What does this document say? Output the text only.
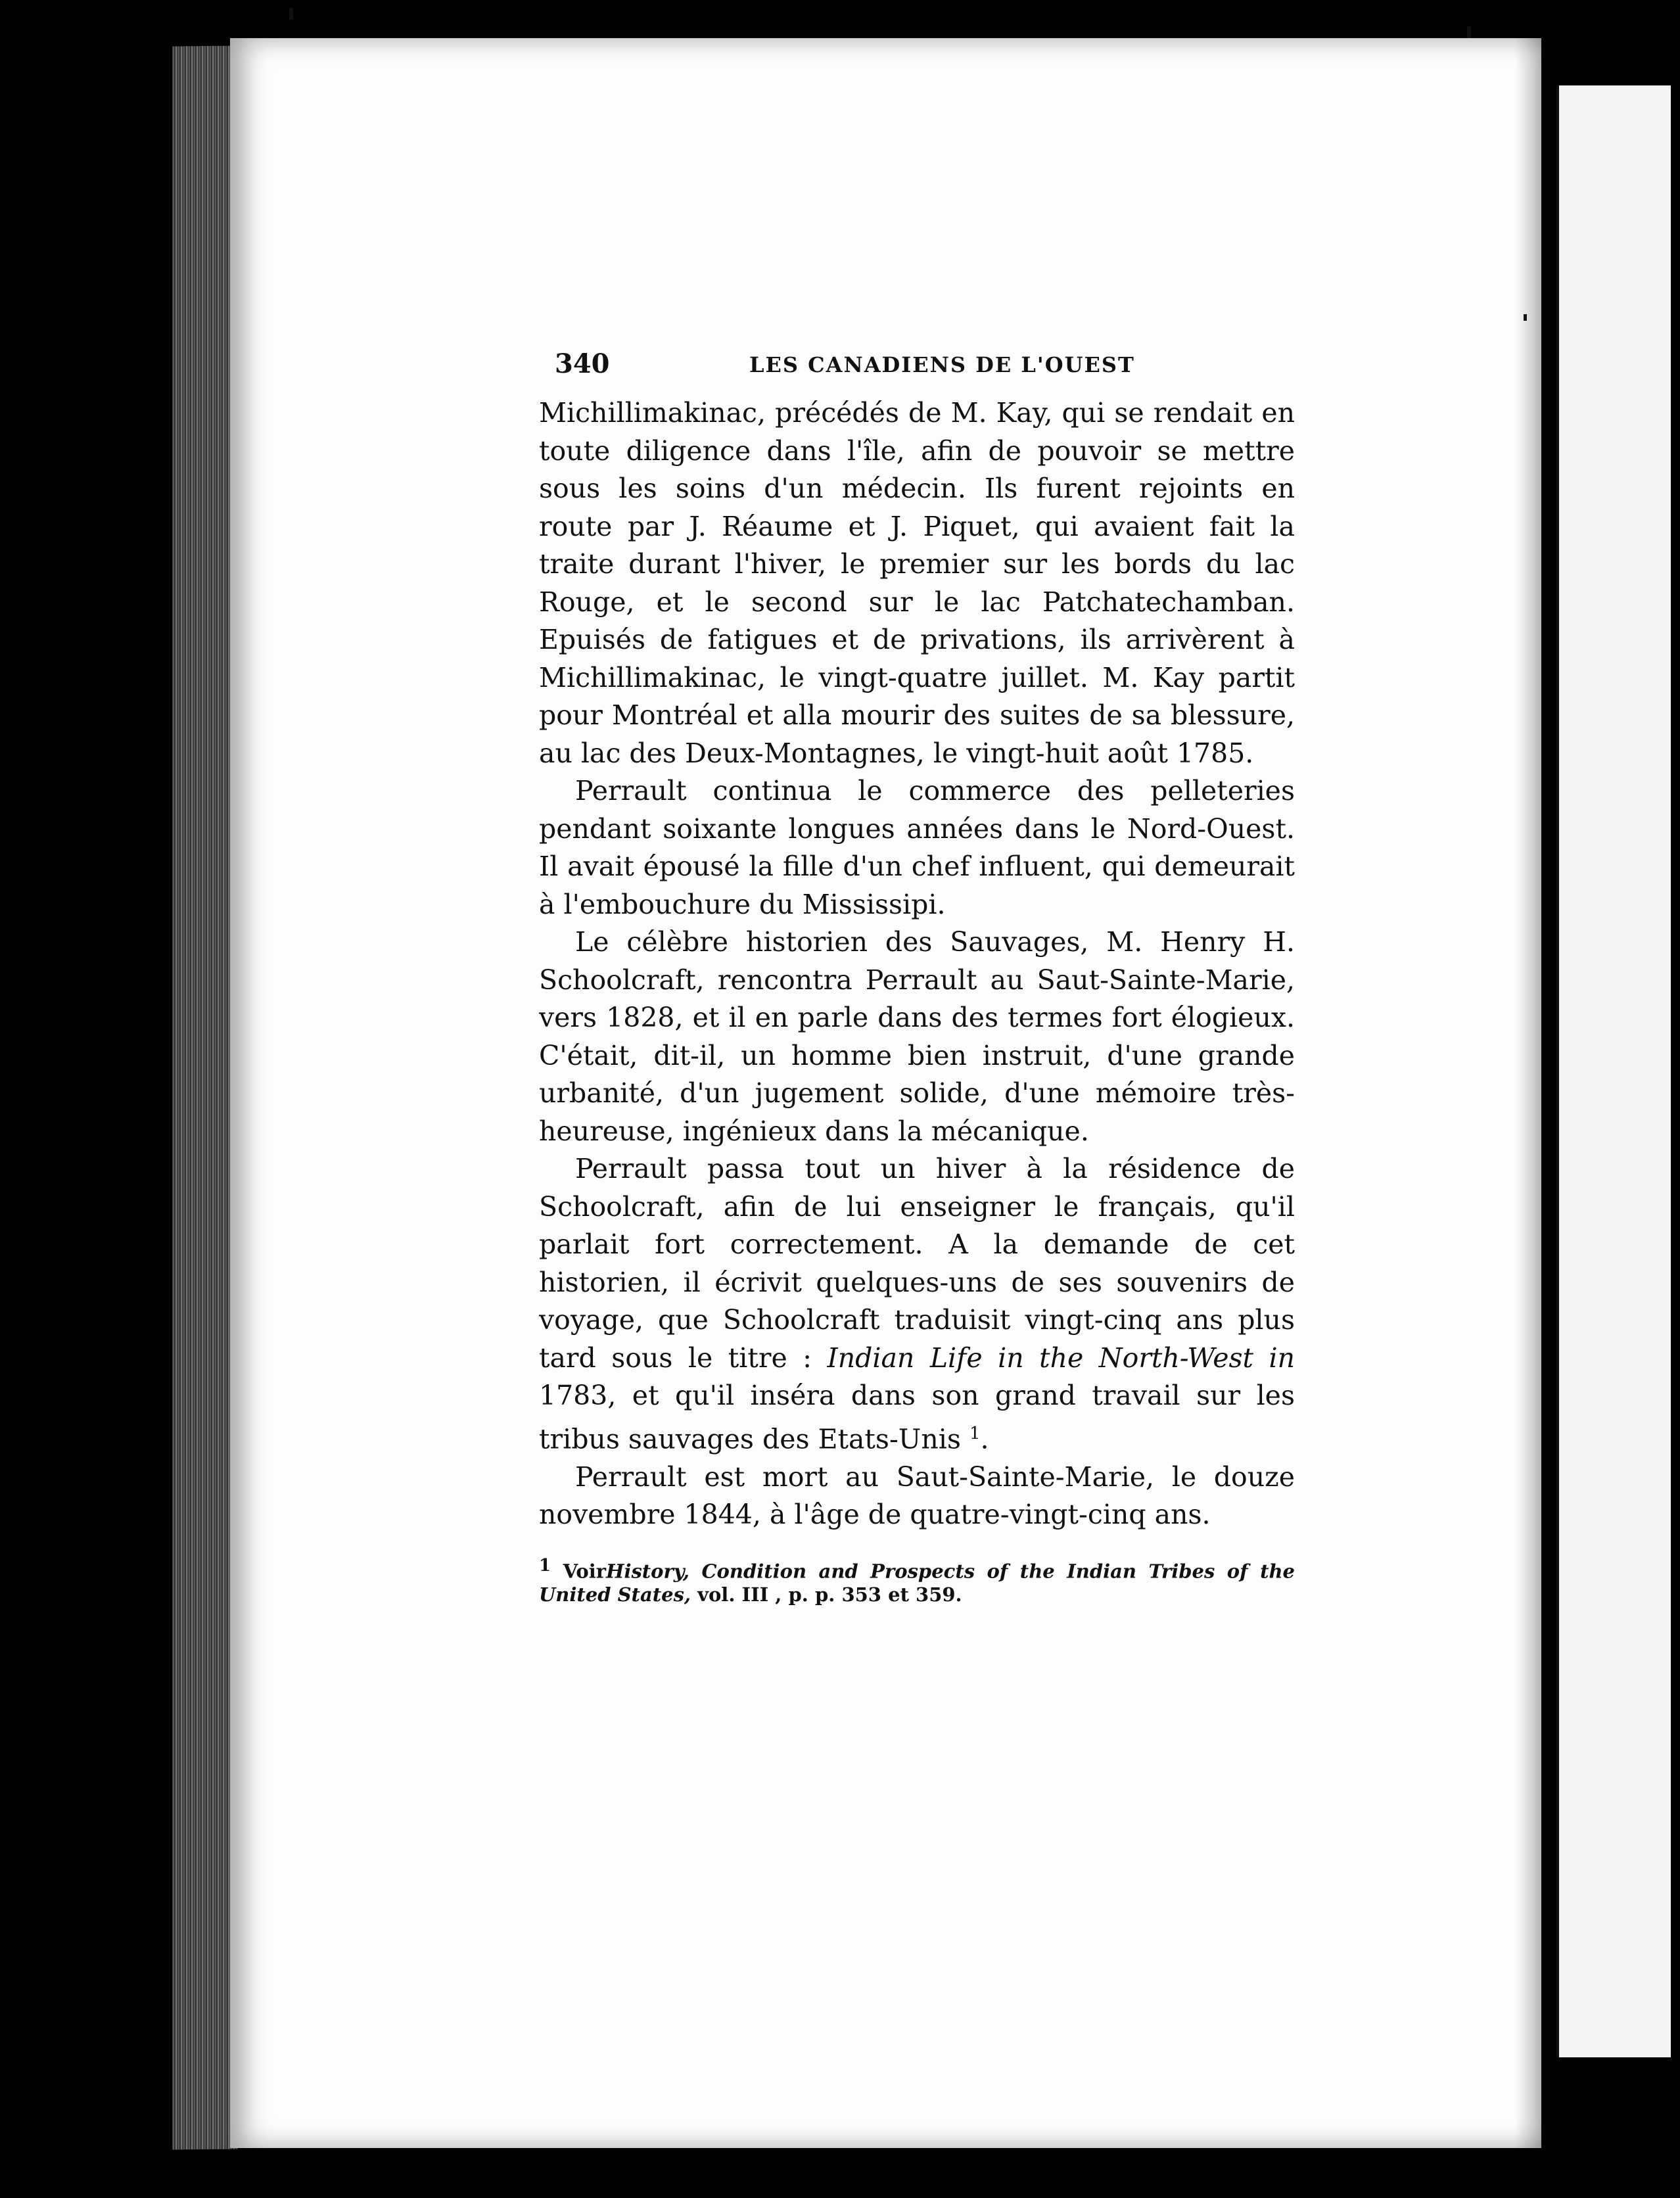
340	LES CANADIENS DE L'OUEST

Michillimakinac, précédés de M. Kay, qui se rendait en toute diligence dans l'île, afin de pouvoir se mettre sous les soins d'un médecin. Ils furent rejoints en route par J. Réaume et J. Piquet, qui avaient fait la traite durant l'hiver, le premier sur les bords du lac Rouge, et le second sur le lac Patchatechamban. Epuisés de fatigues et de privations, ils arrivèrent à Michillimakinac, le vingt-quatre juillet. M. Kay partit pour Montréal et alla mourir des suites de sa blessure, au lac des Deux-Montagnes, le vingt-huit août 1785.

Perrault continua le commerce des pelleteries pendant soixante longues années dans le Nord-Ouest. Il avait épousé la fille d'un chef influent, qui demeurait à l'embouchure du Mississipi.

Le célèbre historien des Sauvages, M. Henry H. Schoolcraft, rencontra Perrault au Saut-Sainte-Marie, vers 1828, et il en parle dans des termes fort élogieux. C'était, dit-il, un homme bien instruit, d'une grande urbanité, d'un jugement solide, d'une mémoire très-heureuse, ingénieux dans la mécanique.

Perrault passa tout un hiver à la résidence de Schoolcraft, afin de lui enseigner le français, qu'il parlait fort correctement. A la demande de cet historien, il écrivit quelques-uns de ses souvenirs de voyage, que Schoolcraft traduisit vingt-cinq ans plus tard sous le titre : Indian Life in the North-West in 1783, et qu'il inséra dans son grand travail sur les tribus sauvages des Etats-Unis $^1$.

Perrault est mort au Saut-Sainte-Marie, le douze novembre 1844, à l'âge de quatre-vingt-cinq ans.

1 VoirHistory, Condition and Prospects of the Indian Tribes of the United States, vol. III , p. p. 353 et 359.
